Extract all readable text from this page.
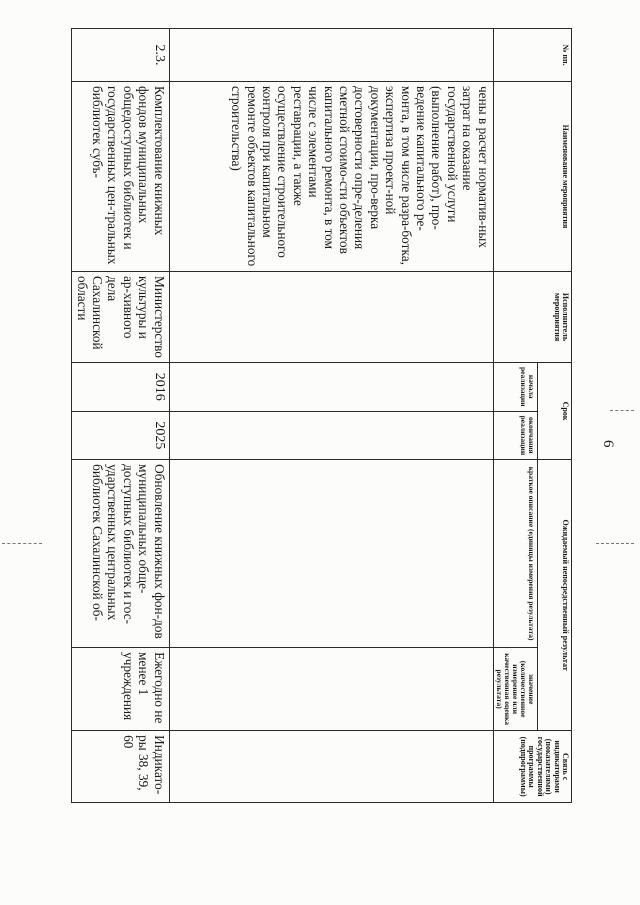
6
№ пп.	Наименование мероприятия	Исполнитель мероприятия	Срок		Ожидаемый непосредственный результат		Связь с индикаторами (показателями) государственной программы (подпрограммы)
			начала реализации	окончания реализации	краткое описание (единицы измерения результата)	значение (количественное измерение или качественная оценка результата)	
	чены в расчет норматив-ных затрат на оказание государственной услуги (выполнение работ), про-ведение капитального ре-монта, в том числе разра-ботка, экспертиза проект-ной документации, про-верка достоверности опре-деления сметной стоимо-сти объектов капитального ремонта, в том числе с элементами реставрации, а также осуществление строительного контроля при капитальном ремонте объектов капитального строительства)						
2.3.	Комплектование книжных фондов муниципальных общедоступных библиотек и государственных цен-тральных библиотек субъ-	Министерство культуры и ар-хивного дела Сахалинской области	2016	2025	Обновление книжных фон-дов муниципальных обще-доступных библиотек и гос-ударственных центральных библиотек Сахалинской об-	Ежегодно не менее 1 учреждения	Индикато-ры 38, 39, 60
